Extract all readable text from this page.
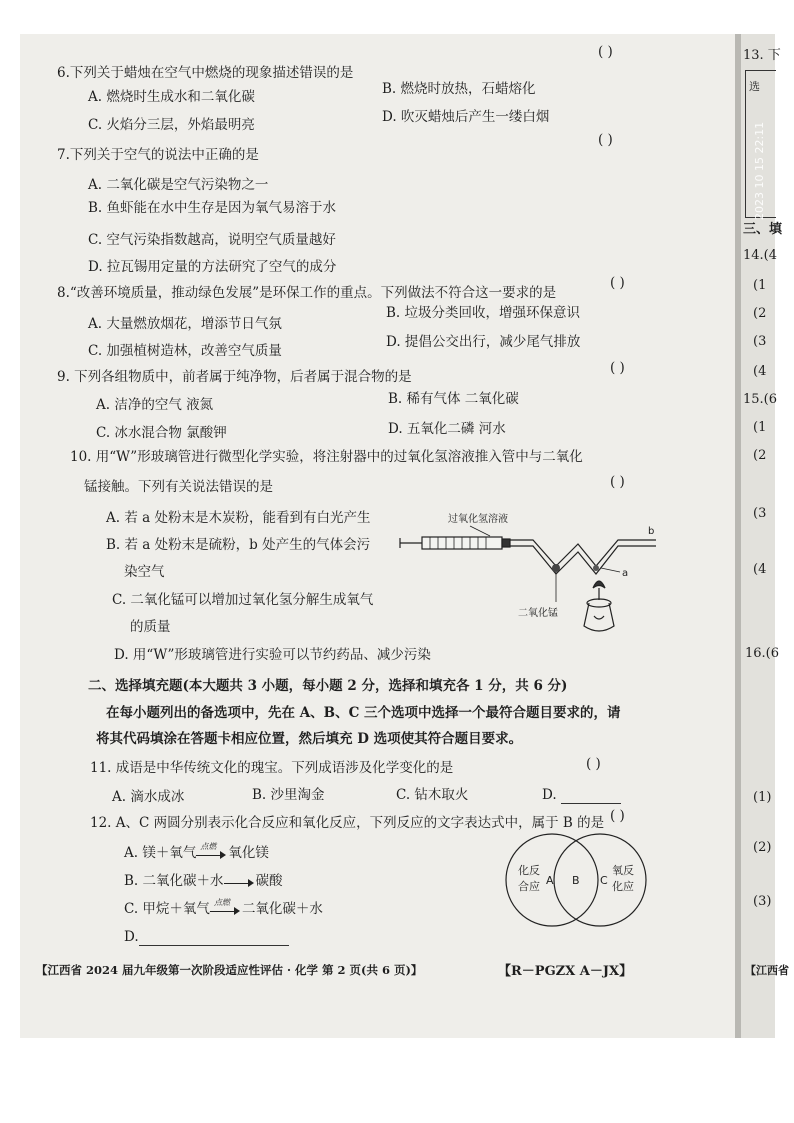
( )
6.下列关于蜡烛在空气中燃烧的现象描述错误的是
A. 燃烧时生成水和二氧化碳	B. 燃烧时放热，石蜡熔化
C. 火焰分三层，外焰最明亮	D. 吹灭蜡烛后产生一缕白烟
( )
7.下列关于空气的说法中正确的是
A. 二氧化碳是空气污染物之一
B. 鱼虾能在水中生存是因为氧气易溶于水
C. 空气污染指数越高，说明空气质量越好
D. 拉瓦锡用定量的方法研究了空气的成分
8.“改善环境质量，推动绿色发展”是环保工作的重点。下列做法不符合这一要求的是
( )
A. 大量燃放烟花，增添节日气氛
B. 垃圾分类回收，增强环保意识
C. 加强植树造林，改善空气质量
D. 提倡公交出行，减少尾气排放
9. 下列各组物质中，前者属于纯净物，后者属于混合物的是
( )
A. 洁净的空气 液氮	B. 稀有气体 二氧化碳
C. 冰水混合物 氯酸钾	D. 五氧化二磷 河水
10. 用“W”形玻璃管进行微型化学实验，将注射器中的过氧化氢溶液推入管中与二氧化
锰接触。下列有关说法错误的是	( )
A. 若 a 处粉末是木炭粉，能看到有白光产生
B. 若 a 处粉末是硫粉，b 处产生的气体会污
染空气
C. 二氧化锰可以增加过氧化氢分解生成氧气
的质量
D. 用“W”形玻璃管进行实验可以节约药品、减少污染
过氧化氢溶液
二氧化锰
a
b
二、选择填充题(本大题共 3 小题，每小题 2 分，选择和填充各 1 分，共 6 分)
在每小题列出的备选项中，先在 A、B、C 三个选项中选择一个最符合题目要求的，请
将其代码填涂在答题卡相应位置，然后填充 D 选项使其符合题目要求。
11. 成语是中华传统文化的瑰宝。下列成语涉及化学变化的是	( )
A. 滴水成冰	B. 沙里淘金	C. 钻木取火	D.
12. A、C 两圆分别表示化合反应和氧化反应，下列反应的文字表达式中，属于 B 的是 ( )
A. 镁＋氧气 点燃 氧化镁
B. 二氧化碳＋水 碳酸
C. 甲烷＋氧气 点燃 二氧化碳＋水
D.
化反
合应 A B C
氧反
化应
【江西省 2024 届九年级第一次阶段适应性评估 · 化学 第 2 页(共 6 页)】	【R－PGZX A－JX】
13. 下
选
三、填
14.(4
(1
(2
(3
(4
15.(6
(1
(2
(3
(4
16.(6
(1)
(2)
(3)
【江西省
2023 10 15 22:11
